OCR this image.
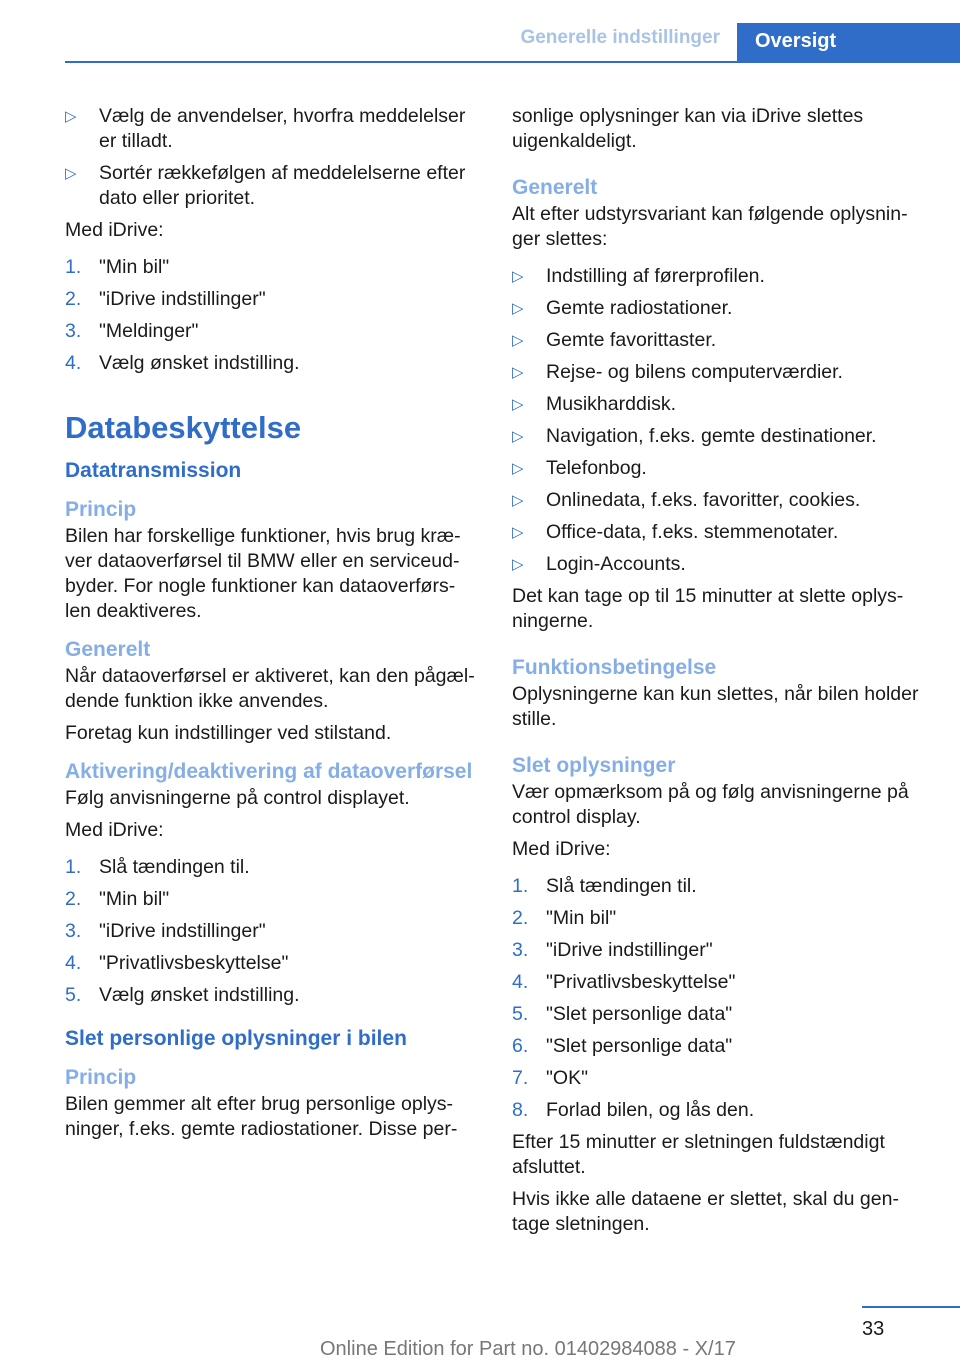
Generelle indstillinger	Oversigt
▷ Vælg de anvendelser, hvorfra meddelelser er tilladt.
▷ Sortér rækkefølgen af meddelelserne efter dato eller prioritet.

Med iDrive:

1. "Min bil"
2. "iDrive indstillinger"
3. "Meldinger"
4. Vælg ønsket indstilling.
Databeskyttelse
Datatransmission
Princip

Bilen har forskellige funktioner, hvis brug kræ‐ ver dataoverførsel til BMW eller en serviceud‐ byder. For nogle funktioner kan dataoverførs‐ len deaktiveres.

Generelt

Når dataoverførsel er aktiveret, kan den pågæl‐ dende funktion ikke anvendes.

Foretag kun indstillinger ved stilstand.

Aktivering/deaktivering af dataoverførsel

Følg anvisningerne på control displayet.

Med iDrive:

1. Slå tændingen til.
2. "Min bil"
3. "iDrive indstillinger"
4. "Privatlivsbeskyttelse"
5. Vælg ønsket indstilling.
Slet personlige oplysninger i bilen
Princip

Bilen gemmer alt efter brug personlige oplys‐ ninger, f.eks. gemte radiostationer. Disse per‐

sonlige oplysninger kan via iDrive slettes uigenkaldeligt.

Generelt

Alt efter udstyrsvariant kan følgende oplysnin‐ ger slettes:

▷ Indstilling af førerprofilen.
▷ Gemte radiostationer.
▷ Gemte favorittaster.
▷ Rejse- og bilens computerværdier.
▷ Musikharddisk.
▷ Navigation, f.eks. gemte destinationer.
▷ Telefonbog.
▷ Onlinedata, f.eks. favoritter, cookies.
▷ Office-data, f.eks. stemmenotater.
▷ Login-Accounts.

Det kan tage op til 15 minutter at slette oplys‐ ningerne.

Funktionsbetingelse

Oplysningerne kan kun slettes, når bilen holder stille.

Slet oplysninger

Vær opmærksom på og følg anvisningerne på control display.

Med iDrive:

1. Slå tændingen til.
2. "Min bil"
3. "iDrive indstillinger"
4. "Privatlivsbeskyttelse"
5. "Slet personlige data"
6. "Slet personlige data"
7. "OK"
8. Forlad bilen, og lås den.

Efter 15 minutter er sletningen fuldstændigt afsluttet.

Hvis ikke alle dataene er slettet, skal du gen‐ tage sletningen.

33
Online Edition for Part no. 01402984088 - X/17
